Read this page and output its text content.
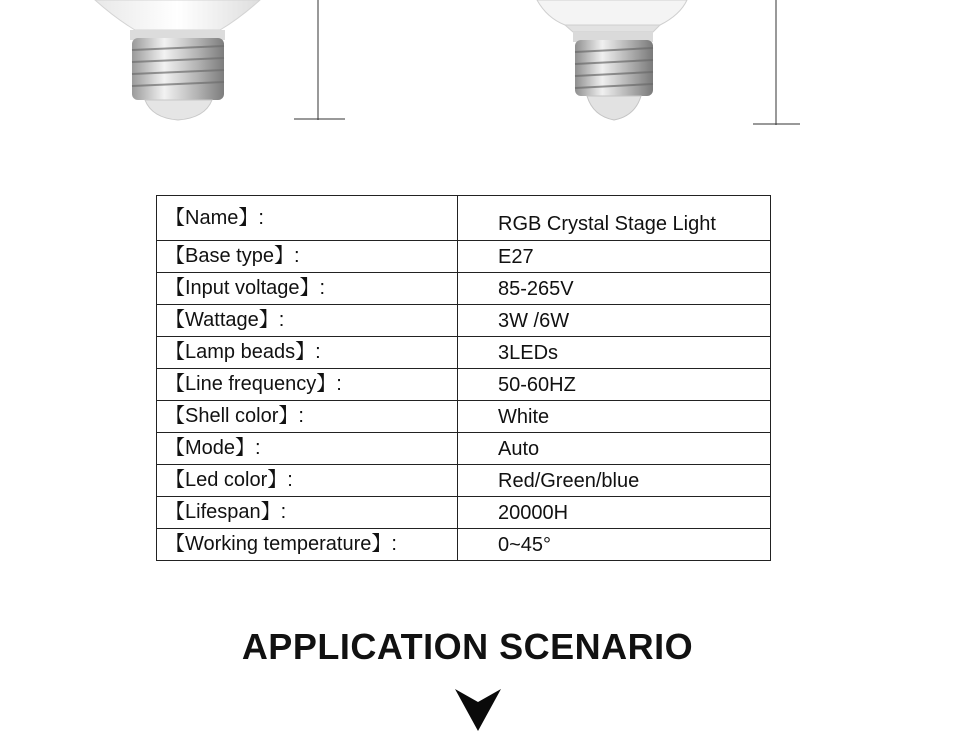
【Name】:	RGB Crystal Stage Light
【Base type】:	E27
【Input voltage】:	85-265V
【Wattage】:	3W /6W
【Lamp beads】:	3LEDs
【Line frequency】:	50-60HZ
【Shell color】:	White
【Mode】:	Auto
【Led color】:	Red/Green/blue
【Lifespan】:	20000H
【Working temperature】:	0~45°
APPLICATION SCENARIO
